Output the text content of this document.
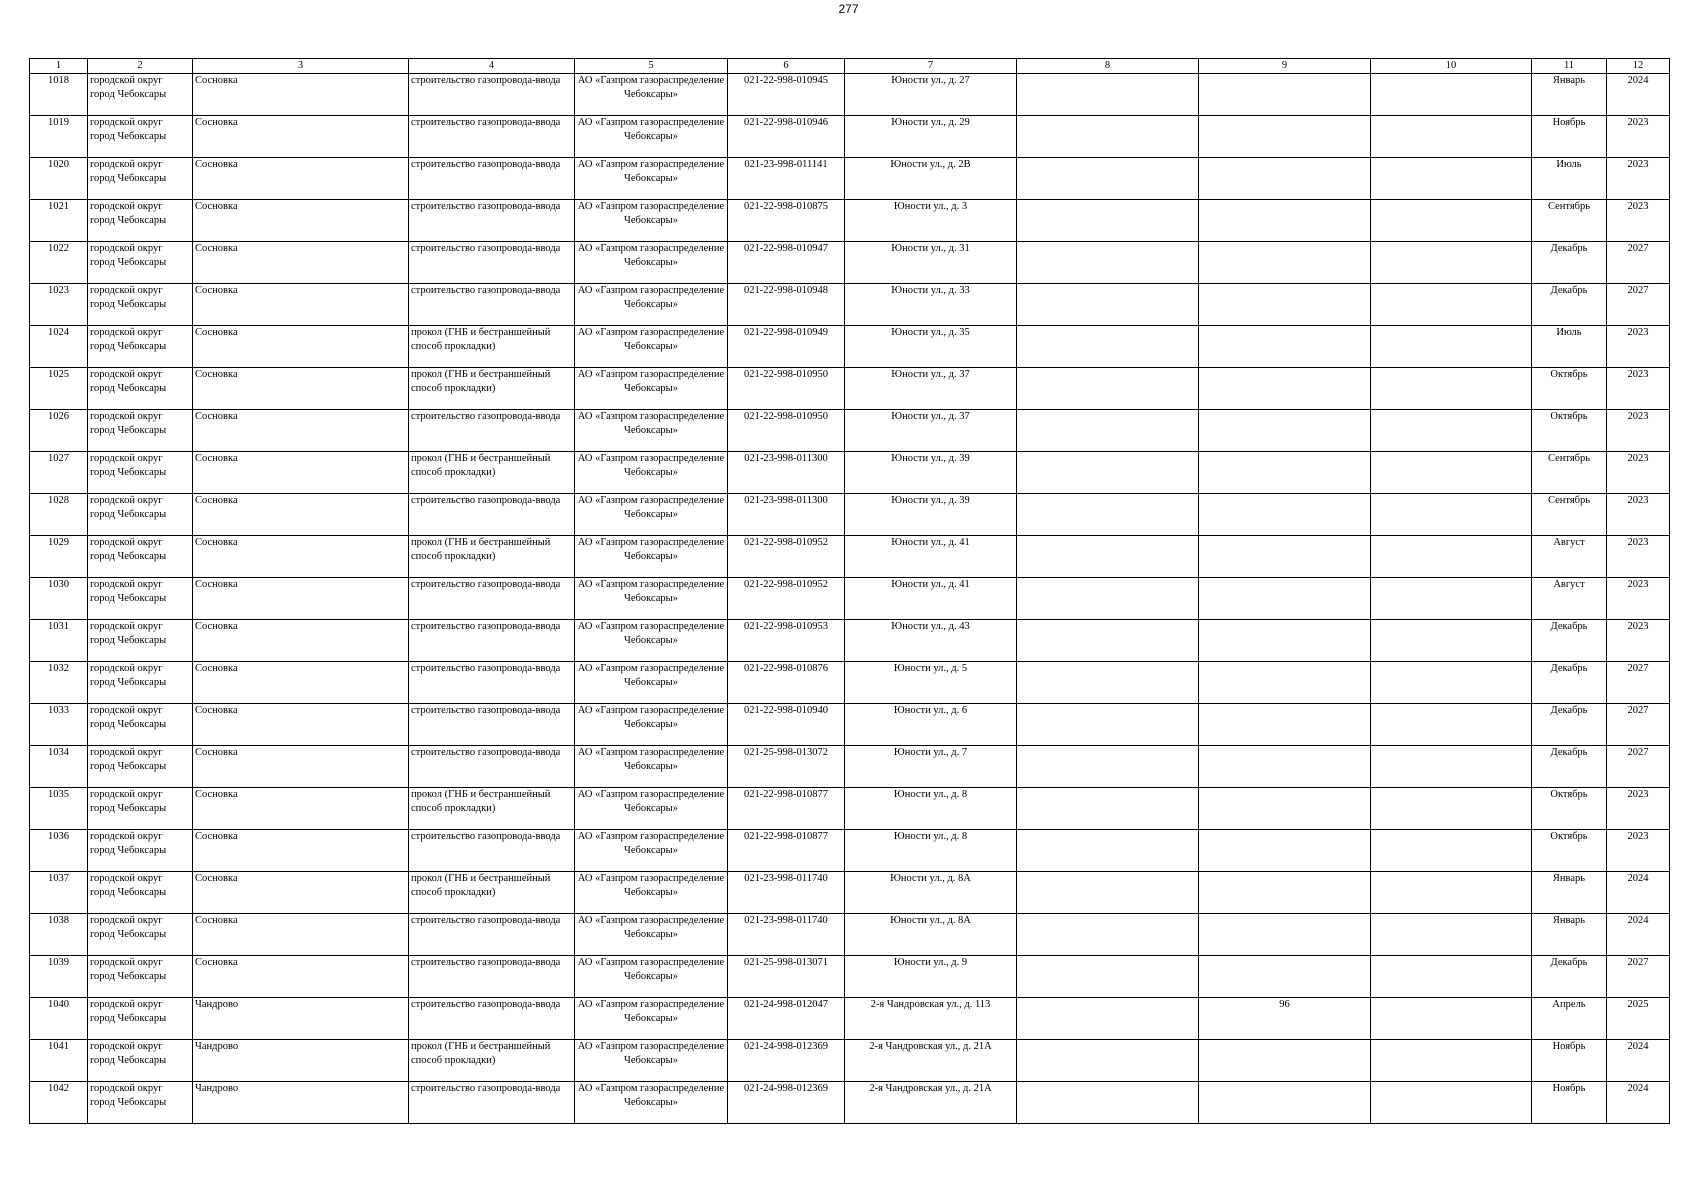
277
1	2	3	4	5	6	7	8	9	10	11	12

1018	городской округ город Чебоксары	Сосновка	строительство газопровода-ввода	АО «Газпром газораспределение Чебоксары»	021-22-998-010945	Юности ул., д. 27				Январь	2024

1019	городской округ город Чебоксары	Сосновка	строительство газопровода-ввода	АО «Газпром газораспределение Чебоксары»	021-22-998-010946	Юности ул., д. 29				Ноябрь	2023

1020	городской округ город Чебоксары	Сосновка	строительство газопровода-ввода	АО «Газпром газораспределение Чебоксары»	021-23-998-011141	Юности ул., д. 2В				Июль	2023

1021	городской округ город Чебоксары	Сосновка	строительство газопровода-ввода	АО «Газпром газораспределение Чебоксары»	021-22-998-010875	Юности ул., д. 3				Сентябрь	2023

1022	городской округ город Чебоксары	Сосновка	строительство газопровода-ввода	АО «Газпром газораспределение Чебоксары»	021-22-998-010947	Юности ул., д. 31				Декабрь	2027

1023	городской округ город Чебоксары	Сосновка	строительство газопровода-ввода	АО «Газпром газораспределение Чебоксары»	021-22-998-010948	Юности ул., д. 33				Декабрь	2027

1024	городской округ город Чебоксары	Сосновка	прокол (ГНБ и бестраншейный способ прокладки)	АО «Газпром газораспределение Чебоксары»	021-22-998-010949	Юности ул., д. 35				Июль	2023

1025	городской округ город Чебоксары	Сосновка	прокол (ГНБ и бестраншейный способ прокладки)	АО «Газпром газораспределение Чебоксары»	021-22-998-010950	Юности ул., д. 37				Октябрь	2023

1026	городской округ город Чебоксары	Сосновка	строительство газопровода-ввода	АО «Газпром газораспределение Чебоксары»	021-22-998-010950	Юности ул., д. 37				Октябрь	2023

1027	городской округ город Чебоксары	Сосновка	прокол (ГНБ и бестраншейный способ прокладки)	АО «Газпром газораспределение Чебоксары»	021-23-998-011300	Юности ул., д. 39				Сентябрь	2023

1028	городской округ город Чебоксары	Сосновка	строительство газопровода-ввода	АО «Газпром газораспределение Чебоксары»	021-23-998-011300	Юности ул., д. 39				Сентябрь	2023

1029	городской округ город Чебоксары	Сосновка	прокол (ГНБ и бестраншейный способ прокладки)	АО «Газпром газораспределение Чебоксары»	021-22-998-010952	Юности ул., д. 41				Август	2023

1030	городской округ город Чебоксары	Сосновка	строительство газопровода-ввода	АО «Газпром газораспределение Чебоксары»	021-22-998-010952	Юности ул., д. 41				Август	2023

1031	городской округ город Чебоксары	Сосновка	строительство газопровода-ввода	АО «Газпром газораспределение Чебоксары»	021-22-998-010953	Юности ул., д. 43				Декабрь	2023

1032	городской округ город Чебоксары	Сосновка	строительство газопровода-ввода	АО «Газпром газораспределение Чебоксары»	021-22-998-010876	Юности ул., д. 5				Декабрь	2027

1033	городской округ город Чебоксары	Сосновка	строительство газопровода-ввода	АО «Газпром газораспределение Чебоксары»	021-22-998-010940	Юности ул., д. 6				Декабрь	2027

1034	городской округ город Чебоксары	Сосновка	строительство газопровода-ввода	АО «Газпром газораспределение Чебоксары»	021-25-998-013072	Юности ул., д. 7				Декабрь	2027

1035	городской округ город Чебоксары	Сосновка	прокол (ГНБ и бестраншейный способ прокладки)	АО «Газпром газораспределение Чебоксары»	021-22-998-010877	Юности ул., д. 8				Октябрь	2023

1036	городской округ город Чебоксары	Сосновка	строительство газопровода-ввода	АО «Газпром газораспределение Чебоксары»	021-22-998-010877	Юности ул., д. 8				Октябрь	2023

1037	городской округ город Чебоксары	Сосновка	прокол (ГНБ и бестраншейный способ прокладки)	АО «Газпром газораспределение Чебоксары»	021-23-998-011740	Юности ул., д. 8А				Январь	2024

1038	городской округ город Чебоксары	Сосновка	строительство газопровода-ввода	АО «Газпром газораспределение Чебоксары»	021-23-998-011740	Юности ул., д. 8А				Январь	2024

1039	городской округ город Чебоксары	Сосновка	строительство газопровода-ввода	АО «Газпром газораспределение Чебоксары»	021-25-998-013071	Юности ул., д. 9				Декабрь	2027

1040	городской округ город Чебоксары	Чандрово	строительство газопровода-ввода	АО «Газпром газораспределение Чебоксары»	021-24-998-012047	2-я Чандровская ул., д. 113		96		Апрель	2025

1041	городской округ город Чебоксары	Чандрово	прокол (ГНБ и бестраншейный способ прокладки)	АО «Газпром газораспределение Чебоксары»	021-24-998-012369	2-я Чандровская ул., д. 21А				Ноябрь	2024

1042	городской округ город Чебоксары	Чандрово	строительство газопровода-ввода	АО «Газпром газораспределение Чебоксары»	021-24-998-012369	2-я Чандровская ул., д. 21А				Ноябрь	2024
